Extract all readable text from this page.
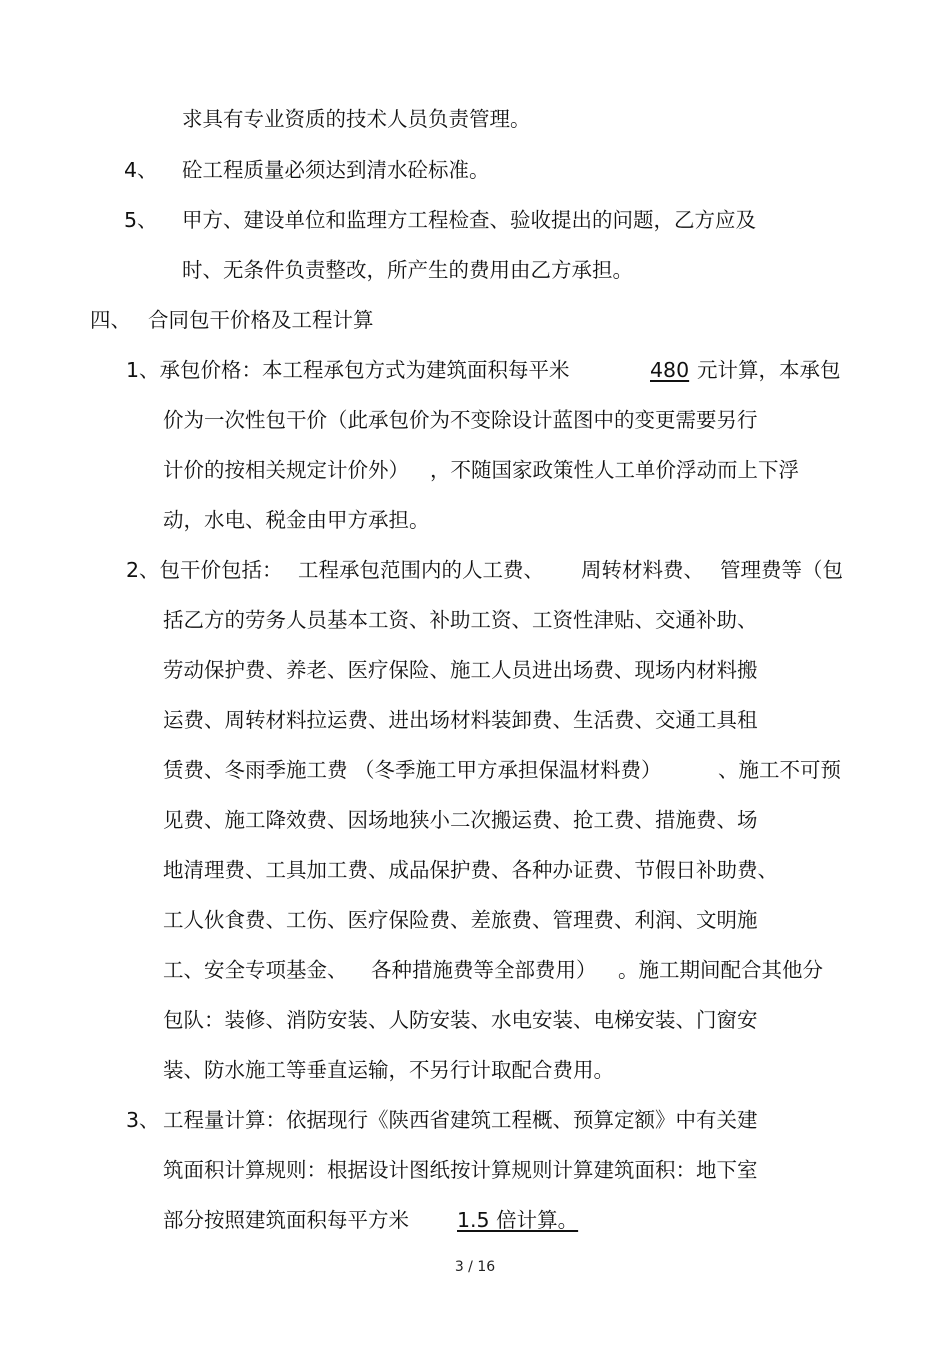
求具有专业资质的技术人员负责管理。
4、 砼工程质量必须达到清水砼标准。
5、 甲方、建设单位和监理方工程检查、验收提出的问题，乙方应及
时、无条件负责整改，所产生的费用由乙方承担。
四、 合同包干价格及工程计算
1、承包价格：本工程承包方式为建筑面积每平米	480 元计算，本承包
价为一次性包干价（此承包价为不变除设计蓝图中的变更需要另行
计价的按相关规定计价外） ，不随国家政策性人工单价浮动而上下浮
动，水电、税金由甲方承担。
2、包干价包括： 工程承包范围内的人工费、 周转材料费、 管理费等（包
括乙方的劳务人员基本工资、补助工资、工资性津贴、交通补助、
劳动保护费、养老、医疗保险、施工人员进出场费、现场内材料搬
运费、周转材料拉运费、进出场材料装卸费、生活费、交通工具租
赁费、冬雨季施工费 （冬季施工甲方承担保温材料费）	、施工不可预
见费、施工降效费、因场地狭小二次搬运费、抢工费、措施费、场
地清理费、工具加工费、成品保护费、各种办证费、节假日补助费、
工人伙食费、工伤、医疗保险费、差旅费、管理费、利润、文明施
工、安全专项基金、 各种措施费等全部费用） 。施工期间配合其他分
包队：装修、消防安装、人防安装、水电安装、电梯安装、门窗安
装、防水施工等垂直运输，不另行计取配合费用。
3、 工程量计算：依据现行《陕西省建筑工程概、预算定额》中有关建
筑面积计算规则：根据设计图纸按计算规则计算建筑面积：地下室
部分按照建筑面积每平方米 1.5 倍计算。
3 / 16
